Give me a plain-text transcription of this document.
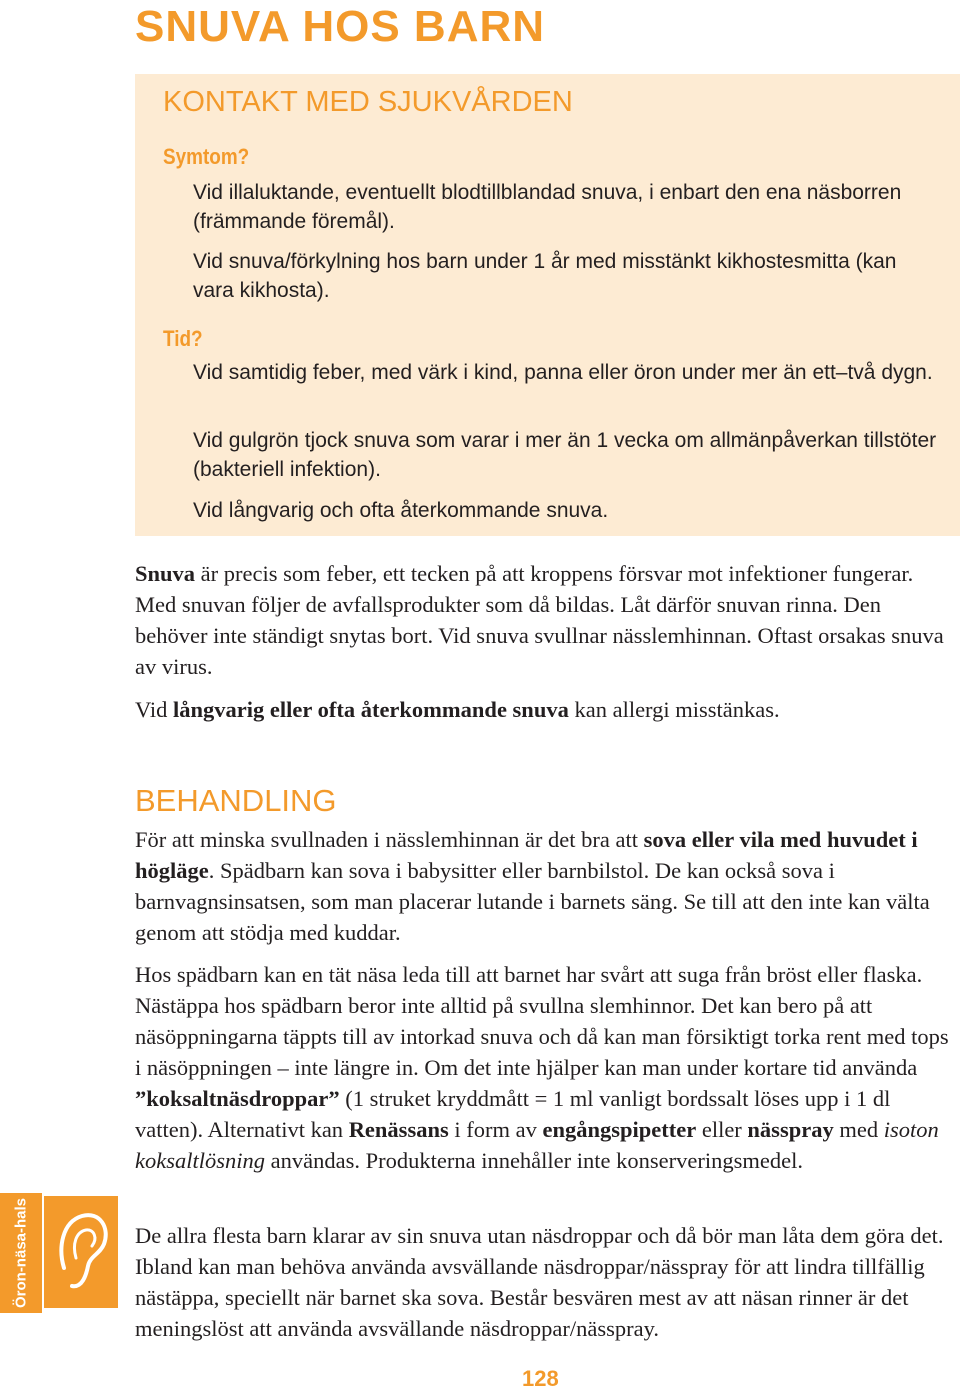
SNUVA HOS BARN
KONTAKT MED SJUKVÅRDEN
Symtom?

Vid illaluktande, eventuellt blodtillblandad snuva, i enbart den ena näsborren (främmande föremål).

Vid snuva/förkylning hos barn under 1 år med misstänkt kikhostesmitta (kan vara kikhosta).

Tid?

Vid samtidig feber, med värk i kind, panna eller öron under mer än ett–två dygn.

Vid gulgrön tjock snuva som varar i mer än 1 vecka om allmänpåverkan tillstöter (bakteriell infektion).

Vid långvarig och ofta återkommande snuva.

Snuva är precis som feber, ett tecken på att kroppens försvar mot infektioner fungerar. Med snuvan följer de avfallsprodukter som då bildas. Låt därför snuvan rinna. Den behöver inte ständigt snytas bort. Vid snuva svullnar nässlemhinnan. Oftast orsakas snuva av virus.

Vid långvarig eller ofta återkommande snuva kan allergi misstänkas.

BEHANDLING

För att minska svullnaden i nässlemhinnan är det bra att sova eller vila med huvudet i högläge. Spädbarn kan sova i babysitter eller barnbilstol. De kan också sova i barnvagnsinsatsen, som man placerar lutande i barnets säng. Se till att den inte kan välta genom att stödja med kuddar.

Hos spädbarn kan en tät näsa leda till att barnet har svårt att suga från bröst eller flaska. Nästäppa hos spädbarn beror inte alltid på svullna slemhinnor. Det kan bero på att näsöppningarna täppts till av intorkad snuva och då kan man försiktigt torka rent med tops i näsöppningen – inte längre in. Om det inte hjälper kan man under kortare tid använda ”koksaltnäsdroppar” (1 struket kryddmått = 1 ml vanligt bordssalt löses upp i 1 dl vatten). Alternativt kan Renässans i form av engångspipetter eller nässpray med isoton koksaltlösning användas. Produkterna innehåller inte konserveringsmedel.

De allra flesta barn klarar av sin snuva utan näsdroppar och då bör man låta dem göra det. Ibland kan man behöva använda avsvällande näsdroppar/nässpray för att lindra tillfällig nästäppa, speciellt när barnet ska sova. Består besvären mest av att näsan rinner är det meningslöst att använda avsvällande näsdroppar/nässpray.

Öron-näsa-hals
128
